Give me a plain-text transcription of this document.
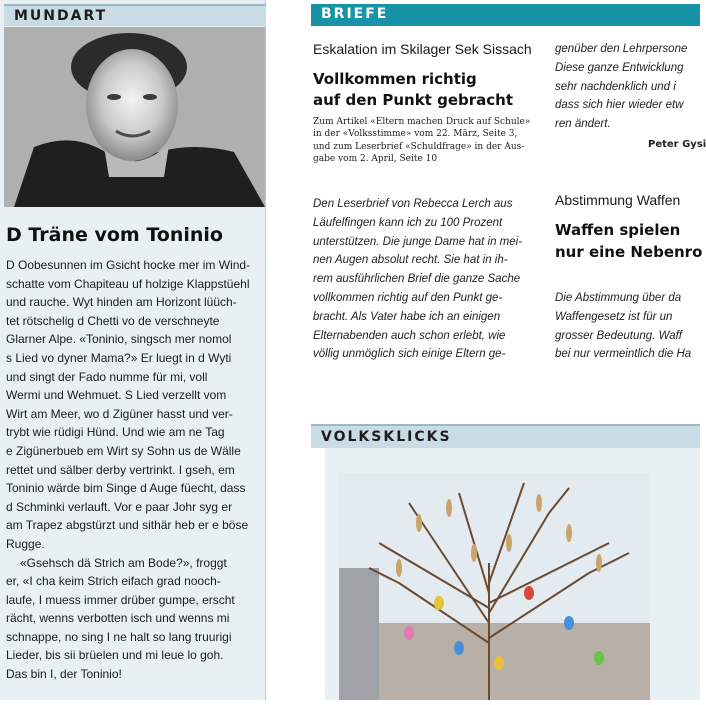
MUNDART
D Träne vom Toninio
D Oobesunnen im Gsicht hocke mer im Wind-
schatte vom Chapiteau uf holzige Klappstüehl
und rauche. Wyt hinden am Horizont lüüch-
tet rötschelig d Chetti vo de verschneyte
Glarner Alpe. «Toninio, singsch mer nomol
s Lied vo dyner Mama?» Er luegt in d Wyti
und singt der Fado numme für mi, voll
Wermi und Wehmuet. S Lied verzellt vom
Wirt am Meer, wo d Zigüner hasst und ver-
trybt wie rüdigi Hünd. Und wie am ne Tag
e Zigünerbueb em Wirt sy Sohn us de Wälle
rettet und sälber derby vertrinkt. I gseh, em
Toninio wärde bim Singe d Auge füecht, dass
d Schminki verlauft. Vor e paar Johr syg er
am Trapez abgstürzt und sithär heb er e böse
Rugge.
«Gsehsch dä Strich am Bode?», froggt
er, «I cha keim Strich eifach grad nooch-
laufe, I muess immer drüber gumpe, erscht
rächt, wenns verbotten isch und wenns mi
schnappe, no sing I ne halt so lang truurigi
Lieder, bis sii brüelen und mi leue lo goh.
Das bin I, der Toninio!
BRIEFE
Eskalation im Skilager Sek Sissach
Vollkommen richtig
auf den Punkt gebracht
Zum Artikel «Eltern machen Druck auf Schule»
in der «Volksstimme» vom 22. März, Seite 3,
und zum Leserbrief «Schuldfrage» in der Aus-
gabe vom 2. April, Seite 10
Den Leserbrief von Rebecca Lerch aus
Läufelfingen kann ich zu 100 Prozent
unterstützen. Die junge Dame hat in mei-
nen Augen absolut recht. Sie hat in ih-
rem ausführlichen Brief die ganze Sache
vollkommen richtig auf den Punkt ge-
bracht. Als Vater habe ich an einigen
Elternabenden auch schon erlebt, wie
völlig unmöglich sich einige Eltern ge-
genüber den Lehrpersone
Diese ganze Entwicklung
sehr nachdenklich und i
dass sich hier wieder etw
ren ändert.
Peter Gysi
Abstimmung Waffen
Waffen spielen
nur eine Nebenro
Die Abstimmung über da
Waffengesetz ist für un
grosser Bedeutung. Waff
bei nur vermeintlich die Ha
VOLKSKLICKS
